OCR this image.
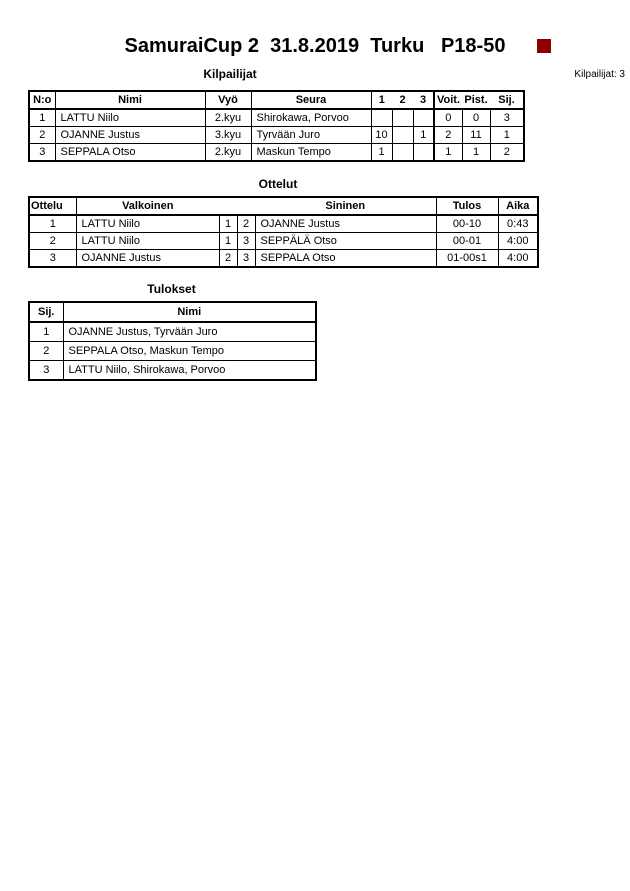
SamuraiCup 2  31.8.2019  Turku   P18-50
Kilpailijat	Kilpailijat: 3
N:o	Nimi	Vyö	Seura	1	2	3	Voit.	Pist.	Sij.
1	LATTU Niilo	2.kyu	Shirokawa, Porvoo				0	0	3
2	OJANNE Justus	3.kyu	Tyrvään Juro	10		1	2	11	1
3	SEPPALA Otso	2.kyu	Maskun Tempo	1			1	1	2
Ottelut
Ottelu	Valkoinen			Sininen	Tulos	Aika
1	LATTU Niilo	1	2	OJANNE Justus	00-10	0:43
2	LATTU Niilo	1	3	SEPPÄLÄ Otso	00-01	4:00
3	OJANNE Justus	2	3	SEPPALA Otso	01-00s1	4:00
Tulokset
Sij.	Nimi
1	OJANNE Justus, Tyrvään Juro
2	SEPPALA Otso, Maskun Tempo
3	LATTU Niilo, Shirokawa, Porvoo
